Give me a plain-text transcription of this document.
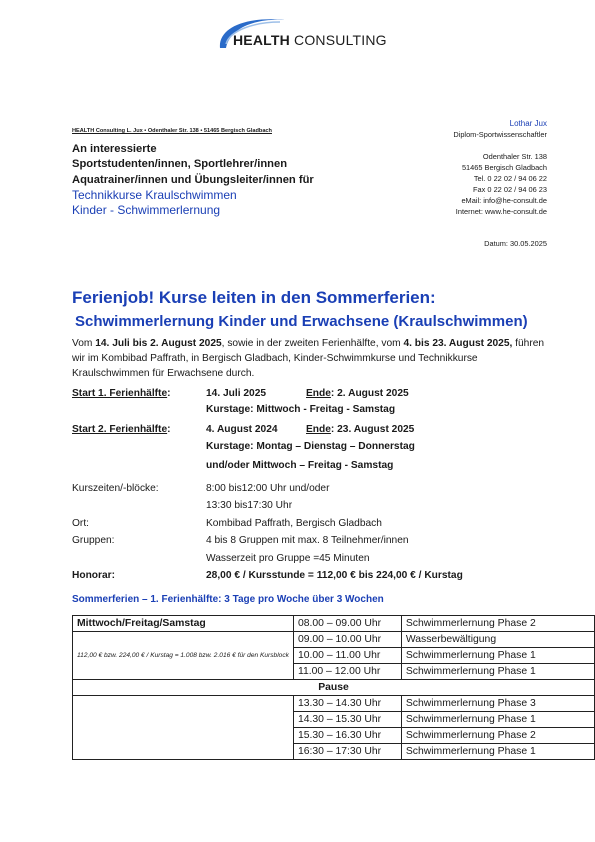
HEALTH CONSULTING
HEALTH Consulting L. Jux • Odenthaler Str. 138 • 51465 Bergisch Gladbach
An interessierte
Sportstudenten/innen, Sportlehrer/innen
Aquatrainer/innen und Übungsleiter/innen für
Technikkurse Kraulschwimmen
Kinder - Schwimmerlernung
Lothar Jux
Diplom-Sportwissenschaftler
Odenthaler Str. 138
51465 Bergisch Gladbach
Tel. 0 22 02 / 94 06 22
Fax 0 22 02 / 94 06 23
eMail: info@he-consult.de
Internet: www.he-consult.de
Datum: 30.05.2025
Ferienjob! Kurse leiten in den Sommerferien:
Schwimmerlernung Kinder und Erwachsene (Kraulschwimmen)
Vom 14. Juli bis 2. August 2025, sowie in der zweiten Ferienhälfte, vom 4. bis 23. August 2025, führen wir im Kombibad Paffrath, in Bergisch Gladbach, Kinder-Schwimmkurse und Technikkurse Kraulschwimmen für Erwachsene durch.
Start 1. Ferienhälfte:	14. Juli 2025	Ende: 2. August 2025
Kurstage: Mittwoch - Freitag - Samstag
Start 2. Ferienhälfte:	4. August 2024	Ende: 23. August 2025
Kurstage: Montag – Dienstag – Donnerstag
und/oder Mittwoch – Freitag - Samstag
Kurszeiten/-blöcke:	8:00 bis12:00 Uhr und/oder
13:30 bis17:30 Uhr
Ort:	Kombibad Paffrath, Bergisch Gladbach
Gruppen:	4 bis 8 Gruppen mit max. 8 Teilnehmer/innen
Wasserzeit pro Gruppe =45 Minuten
Honorar:	28,00 € / Kursstunde = 112,00 € bis 224,00 € / Kurstag
Sommerferien – 1. Ferienhälfte: 3 Tage pro Woche über 3 Wochen
Mittwoch/Freitag/Samstag	08.00 – 09.00 Uhr	Schwimmerlernung Phase 2

112,00 € bzw. 224,00 € / Kurstag = 1.008 bzw. 2.016 € für den Kursblock	09.00 – 10.00 Uhr	Wasserbewältigung
	10.00 – 11.00 Uhr	Schwimmerlernung Phase 1
	11.00 – 12.00 Uhr	Schwimmerlernung Phase 1
Pause		
	13.30 – 14.30 Uhr	Schwimmerlernung Phase 3
	14.30 – 15.30 Uhr	Schwimmerlernung Phase 1
	15.30 – 16.30 Uhr	Schwimmerlernung Phase 2
	16:30 – 17:30 Uhr	Schwimmerlernung Phase 1
